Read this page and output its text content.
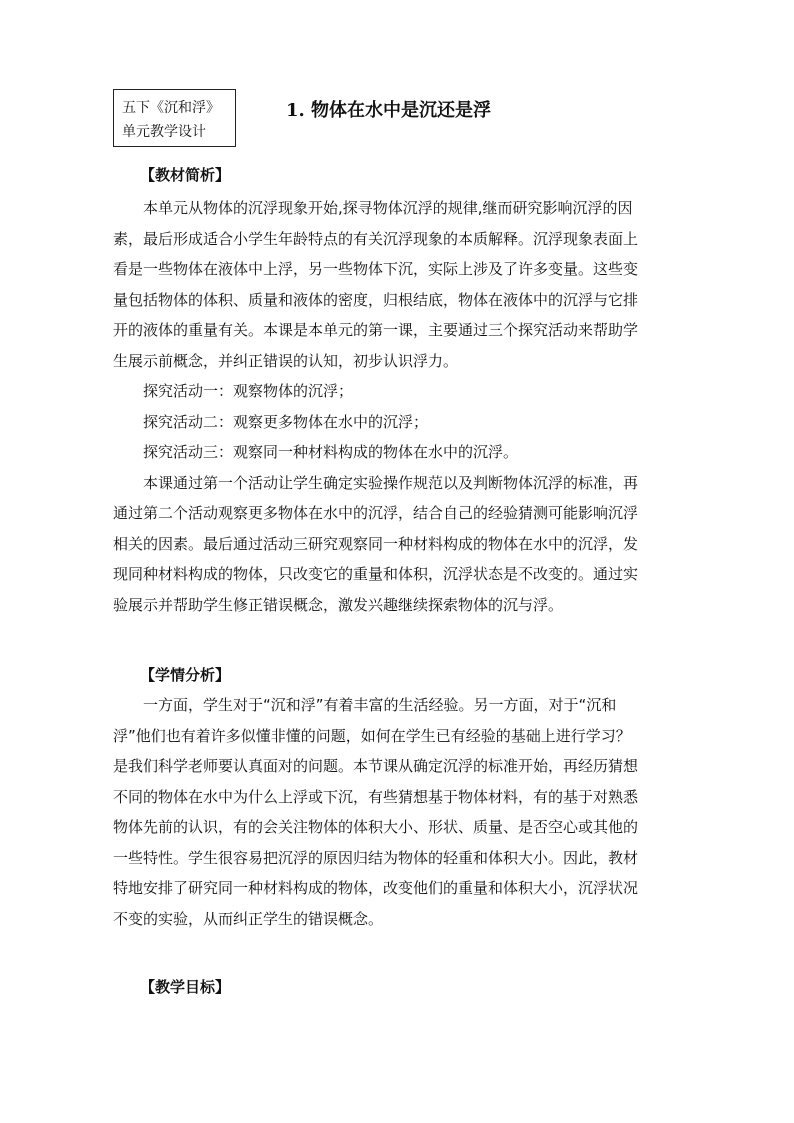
五下《沉和浮》
单元教学设计
1. 物体在水中是沉还是浮
【教材简析】
本单元从物体的沉浮现象开始,探寻物体沉浮的规律,继而研究影响沉浮的因
素，最后形成适合小学生年龄特点的有关沉浮现象的本质解释。沉浮现象表面上
看是一些物体在液体中上浮，另一些物体下沉，实际上涉及了许多变量。这些变
量包括物体的体积、质量和液体的密度，归根结底，物体在液体中的沉浮与它排
开的液体的重量有关。本课是本单元的第一课，主要通过三个探究活动来帮助学
生展示前概念，并纠正错误的认知，初步认识浮力。
探究活动一：观察物体的沉浮；
探究活动二：观察更多物体在水中的沉浮；
探究活动三：观察同一种材料构成的物体在水中的沉浮。
本课通过第一个活动让学生确定实验操作规范以及判断物体沉浮的标准，再
通过第二个活动观察更多物体在水中的沉浮，结合自己的经验猜测可能影响沉浮
相关的因素。最后通过活动三研究观察同一种材料构成的物体在水中的沉浮，发
现同种材料构成的物体，只改变它的重量和体积，沉浮状态是不改变的。通过实
验展示并帮助学生修正错误概念，激发兴趣继续探索物体的沉与浮。
【学情分析】
一方面，学生对于“沉和浮”有着丰富的生活经验。另一方面，对于“沉和
浮”他们也有着许多似懂非懂的问题，如何在学生已有经验的基础上进行学习？
是我们科学老师要认真面对的问题。本节课从确定沉浮的标准开始，再经历猜想
不同的物体在水中为什么上浮或下沉，有些猜想基于物体材料，有的基于对熟悉
物体先前的认识，有的会关注物体的体积大小、形状、质量、是否空心或其他的
一些特性。学生很容易把沉浮的原因归结为物体的轻重和体积大小。因此，教材
特地安排了研究同一种材料构成的物体，改变他们的重量和体积大小，沉浮状况
不变的实验，从而纠正学生的错误概念。
【教学目标】
